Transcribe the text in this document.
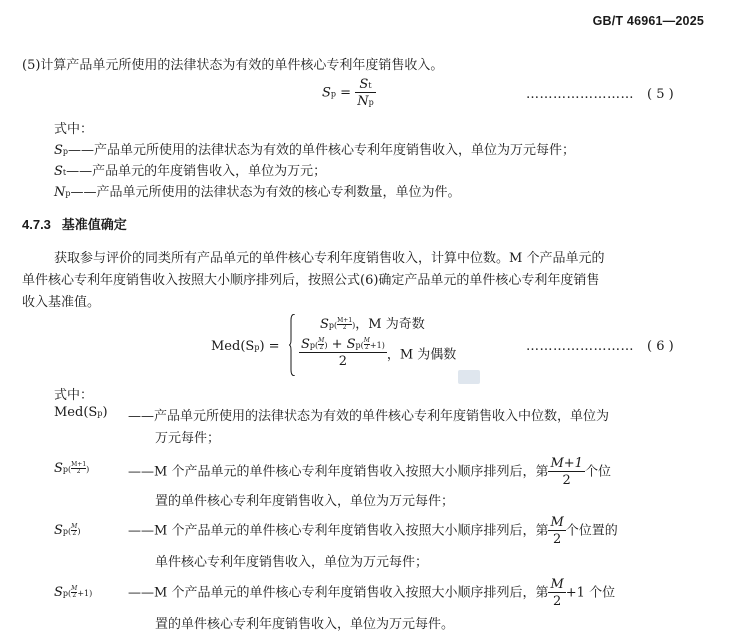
GB/T 46961—2025
(5)计算产品单元所使用的法律状态为有效的单件核心专利年度销售收入。
$Sp = \frac{St}{Np}$	…………………… ( 5 )
式中：
Sp——产品单元所使用的法律状态为有效的单件核心专利年度销售收入，单位为万元每件；
St——产品单元的年度销售收入，单位为万元；
Np——产品单元所使用的法律状态为有效的核心专利数量，单位为件。
4.7.3 基准值确定
获取参与评价的同类所有产品单元的单件核心专利年度销售收入，计算中位数。M 个产品单元的
单件核心专利年度销售收入按照大小顺序排列后，按照公式(6)确定产品单元的单件核心专利年度销售
收入基准值。
Med(Sp) =
$Sp( \frac{M+1}{2}$ )，M 为奇数
$\frac{Sp( \frac{M}{2} ) + Sp( \frac{M}{2} +1)}{2}$ ，M 为偶数
…………………… ( 6 )
式中：
Med(Sp) ——产品单元所使用的法律状态为有效的单件核心专利年度销售收入中位数，单位为
万元每件；
$Sp( \frac{M+1}{2}$ )	——M 个产品单元的单件核心专利年度销售收入按照大小顺序排列后，第 $\frac{M+1}{2}$ 个位
置的单件核心专利年度销售收入，单位为万元每件；
$Sp( \frac{M}{2}$ )	——M 个产品单元的单件核心专利年度销售收入按照大小顺序排列后，第 $\frac{M}{2}$ 个位置的
单件核心专利年度销售收入，单位为万元每件；
$Sp( \frac{M}{2} +1)$	——M 个产品单元的单件核心专利年度销售收入按照大小顺序排列后，第 $\frac{M}{2} +1$ 个位
置的单件核心专利年度销售收入，单位为万元每件。
